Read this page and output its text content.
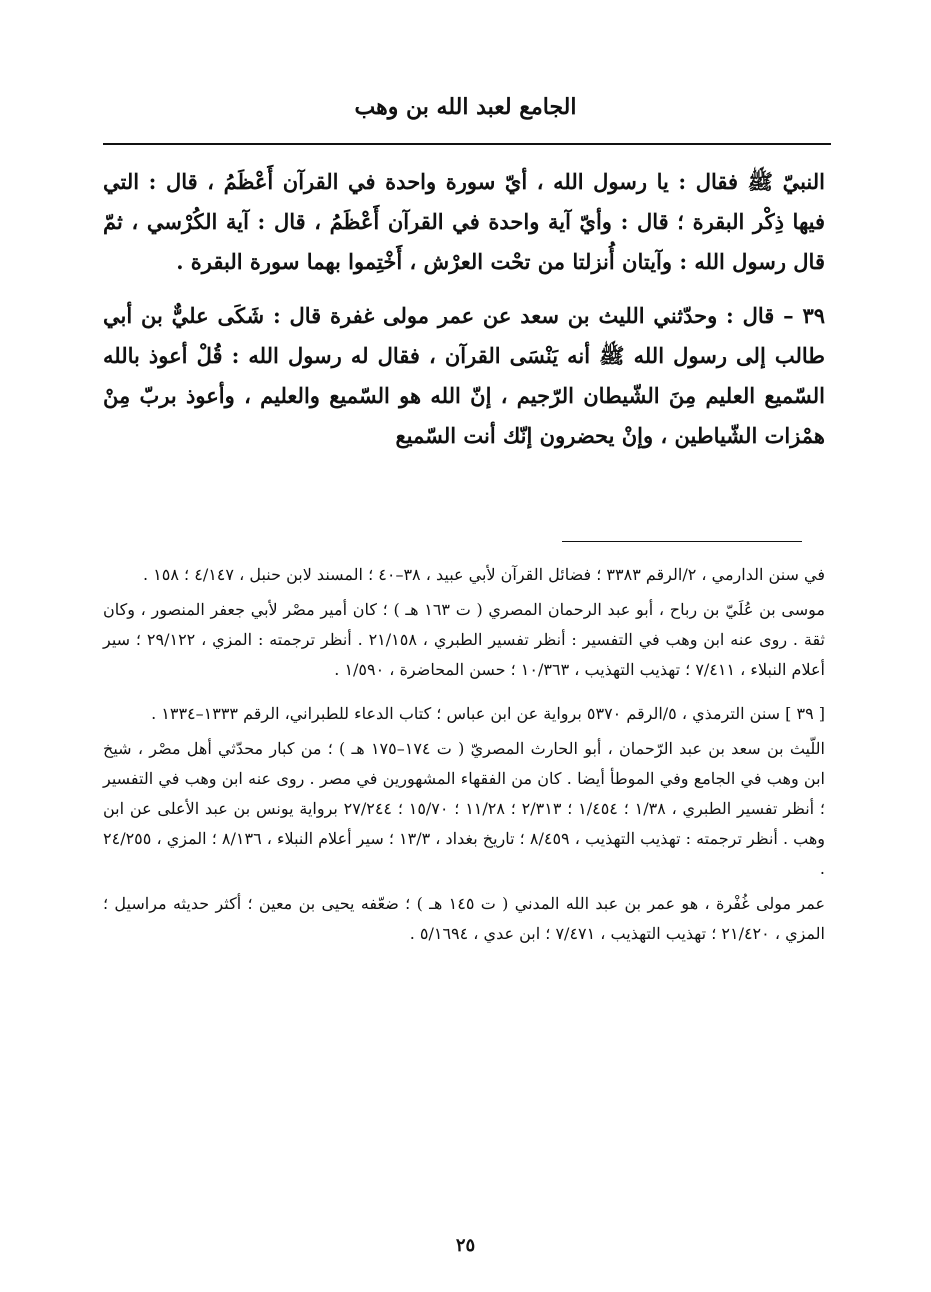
الجامع لعبد الله بن وهب

النبيّ ﷺ فقال : يا رسول الله ، أيّ سورة واحدة في القرآن أَعْظَمُ ، قال : التي فيها ذِكْر البقرة ؛ قال : وأيّ آية واحدة في القرآن أَعْظَمُ ، قال : آية الكُرْسي ، ثمّ قال رسول الله : وآيتان أُنزلتا من تحْت العرْش ، أَخْتِموا بهما سورة البقرة .

٣٩ – قال : وحدّثني الليث بن سعد عن عمر مولى غفرة قال : شَكَى عليٌّ بن أبي طالب إلى رسول الله ﷺ أنه يَنْسَى القرآن ، فقال له رسول الله : قُلْ أعوذ بالله السّميع العليم مِنَ الشّيطان الرّجيم ، إنّ الله هو السّميع والعليم ، وأعوذ بربّ مِنْ همْزات الشّياطين ، وإنْ يحضرون إنّك أنت السّميع

في سنن الدارمي ، ٢/الرقم ٣٣٨٣ ؛ فضائل القرآن لأبي عبيد ، ٣٨–٤٠ ؛ المسند لابن حنبل ، ٤/١٤٧ ؛ ١٥٨ .

موسى بن عُلَيّ بن رباح ، أبو عبد الرحمان المصري ( ت ١٦٣ هـ ) ؛ كان أمير مصْر لأبي جعفر المنصور ، وكان ثقة . روى عنه ابن وهب في التفسير : أنظر تفسير الطبري ، ٢١/١٥٨ . أنظر ترجمته : المزي ، ٢٩/١٢٢ ؛ سير أعلام النبلاء ، ٧/٤١١ ؛ تهذيب التهذيب ، ١٠/٣٦٣ ؛ حسن المحاضرة ، ١/٥٩٠ .

[ ٣٩ ] سنن الترمذي ، ٥/الرقم ٥٣٧٠ برواية عن ابن عباس ؛ كتاب الدعاء للطبراني، الرقم ١٣٣٣–١٣٣٤ .

اللّيث بن سعد بن عبد الرّحمان ، أبو الحارث المصريّ ( ت ١٧٤–١٧٥ هـ ) ؛ من كبار محدّثي أهل مصْر ، شيخ ابن وهب في الجامع وفي الموطأ أيضا . كان من الفقهاء المشهورين في مصر . روى عنه ابن وهب في التفسير ؛ أنظر تفسير الطبري ، ١/٣٨ ؛ ١/٤٥٤ ؛ ٢/٣١٣ ؛ ١١/٢٨ ؛ ١٥/٧٠ ؛ ٢٧/٢٤٤ برواية يونس بن عبد الأعلى عن ابن وهب . أنظر ترجمته : تهذيب التهذيب ، ٨/٤٥٩ ؛ تاريخ بغداد ، ١٣/٣ ؛ سير أعلام النبلاء ، ٨/١٣٦ ؛ المزي ، ٢٤/٢٥٥ .

عمر مولى غُفْرة ، هو عمر بن عبد الله المدني ( ت ١٤٥ هـ ) ؛ ضعّفه يحيى بن معين ؛ أكثر حديثه مراسيل ؛ المزي ، ٢١/٤٢٠ ؛ تهذيب التهذيب ، ٧/٤٧١ ؛ ابن عدي ، ٥/١٦٩٤ .

٢٥
